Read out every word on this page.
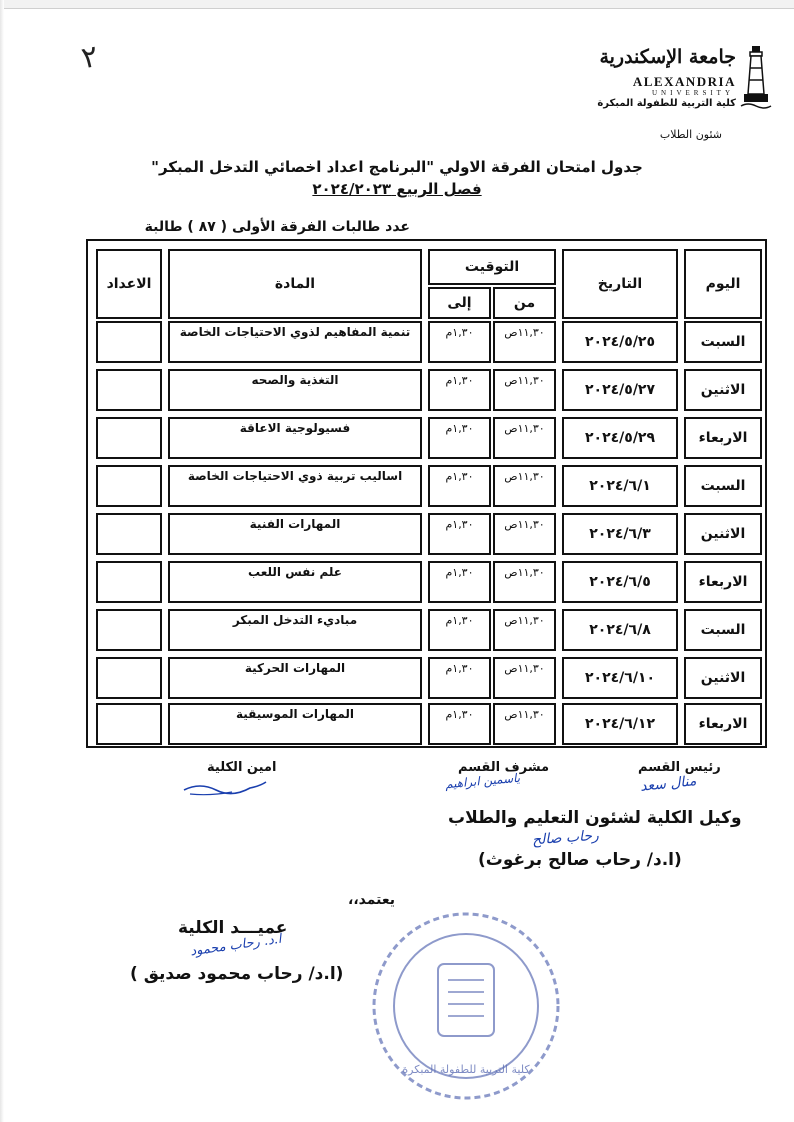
٢	جامعة الإسكندرية
ALEXANDRIA
UNIVERSITY
كلية التربية للطفولة المبكرة
شئون الطلاب
جدول امتحان الفرقة الاولي "البرنامج اعداد اخصائي التدخل المبكر"
فصل الربيع ٢٠٢٤/٢٠٢٣
عدد طالبات الفرقة الأولى ( ٨٧ ) طالبة
اليوم
التاريخ
التوقيت
من
إلى
المادة
الاعداد
السبت
٢٠٢٤/٥/٢٥
١١,٣٠ص
١,٣٠م
تنمية المفاهيم لذوي الاحتياجات الخاصة
الاثنين
٢٠٢٤/٥/٢٧
١١,٣٠ص
١,٣٠م
التغذية والصحه
الاربعاء
٢٠٢٤/٥/٢٩
١١,٣٠ص
١,٣٠م
فسيولوجية الاعاقة
السبت
٢٠٢٤/٦/١
١١,٣٠ص
١,٣٠م
اساليب تربية ذوي الاحتياجات الخاصة
الاثنين
٢٠٢٤/٦/٣
١١,٣٠ص
١,٣٠م
المهارات الفنية
الاربعاء
٢٠٢٤/٦/٥
١١,٣٠ص
١,٣٠م
علم نفس اللعب
السبت
٢٠٢٤/٦/٨
١١,٣٠ص
١,٣٠م
مباديء التدخل المبكر
الاثنين
٢٠٢٤/٦/١٠
١١,٣٠ص
١,٣٠م
المهارات الحركية
الاربعاء
٢٠٢٤/٦/١٢
١١,٣٠ص
١,٣٠م
المهارات الموسيقية
رئيس القسم
منال سعد
مشرف القسم
ياسمين ابراهيم
امين الكلية
وكيل الكلية لشئون التعليم والطلاب
رحاب صالح
(ا.د/ رحاب صالح برغوث)
يعتمد،،
عميـــد الكلية
ا.د. رحاب محمود
(ا.د/ رحاب محمود صديق )
كلية التربية للطفولة المبكرة
